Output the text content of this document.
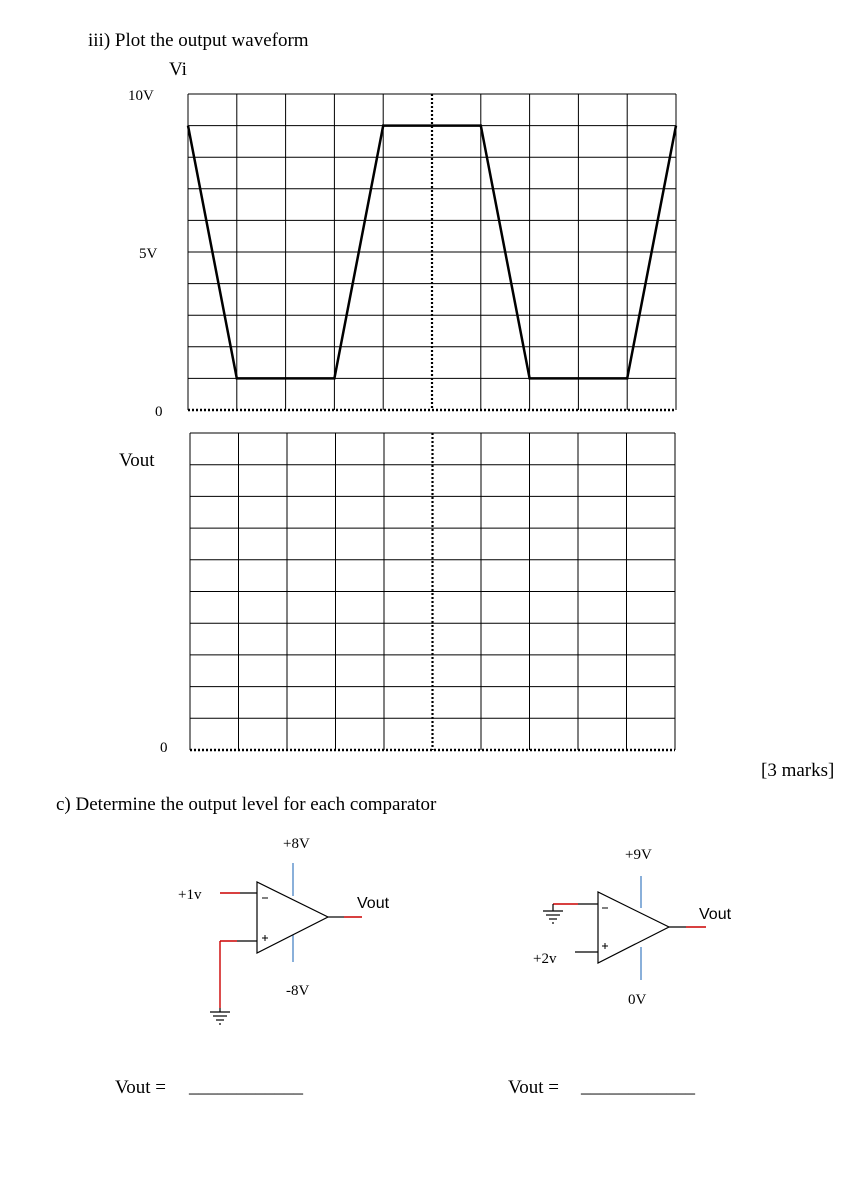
iii) Plot the output waveform
Vi
10V
5V
0
Vout
0
[3 marks]
c) Determine the output level for each comparator
+8V
+1v	Vout
-8V
+9V
Vout
+2v
0V
Vout = ____________	Vout = ____________
